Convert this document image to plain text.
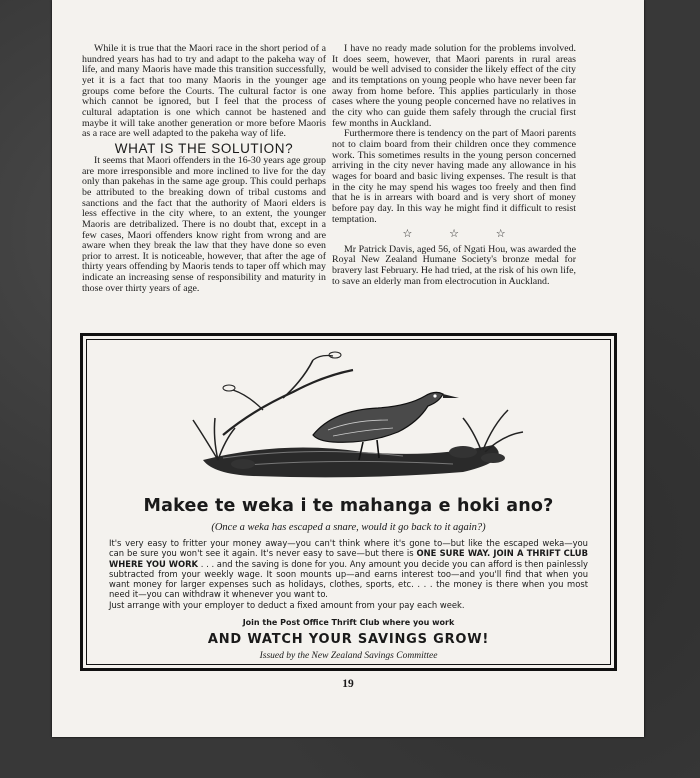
While it is true that the Maori race in the short period of a hundred years has had to try and adapt to the pakeha way of life, and many Maoris have made this transition successfully, yet it is a fact that too many Maoris in the younger age groups come before the Courts. The cultural factor is one which cannot be ignored, but I feel that the process of cultural adaptation is one which cannot be hastened and maybe it will take another generation or more before Maoris as a race are well adapted to the pakeha way of life.

WHAT IS THE SOLUTION?

It seems that Maori offenders in the 16-30 years age group are more irresponsible and more inclined to live for the day only than pakehas in the same age group. This could perhaps be attributed to the breaking down of tribal customs and sanctions and the fact that the authority of Maori elders is less effective in the city where, to an extent, the younger Maoris are detribalized. There is no doubt that, except in a few cases, Maori offenders know right from wrong and are aware when they break the law that they have done so even prior to arrest. It is noticeable, however, that after the age of thirty years offending by Maoris tends to taper off which may indicate an increasing sense of responsibility and maturity in those over thirty years of age.

I have no ready made solution for the problems involved. It does seem, however, that Maori parents in rural areas would be well advised to consider the likely effect of the city and its temptations on young people who have never been far away from home before. This applies particularly in those cases where the young people concerned have no relatives in the city who can guide them safely through the crucial first few months in Auckland.

Furthermore there is tendency on the part of Maori parents not to claim board from their children once they commence work. This sometimes results in the young person concerned arriving in the city never having made any allowance in his wages for board and basic living expenses. The result is that in the city he may spend his wages too freely and then find that he is in arrears with board and is very short of money before pay day. In this way he might find it difficult to resist temptation.

☆	☆	☆

Mr Patrick Davis, aged 56, of Ngati Hou, was awarded the Royal New Zealand Humane Society's bronze medal for bravery last February. He had tried, at the risk of his own life, to save an elderly man from electrocution in Auckland.

Makee te weka i te mahanga e hoki ano?
(Once a weka has escaped a snare, would it go back to it again?)

It's very easy to fritter your money away—you can't think where it's gone to—but like the escaped weka—you can be sure you won't see it again. It's never easy to save—but there is ONE SURE WAY. JOIN A THRIFT CLUB WHERE YOU WORK . . . and the saving is done for you. Any amount you decide you can afford is then painlessly subtracted from your weekly wage. It soon mounts up—and earns interest too—and you'll find that when you want money for larger expenses such as holidays, clothes, sports, etc. . . . the money is there when you most need it—you can withdraw it whenever you want to.

Just arrange with your employer to deduct a fixed amount from your pay each week.

Join the Post Office Thrift Club where you work
AND WATCH YOUR SAVINGS GROW!
Issued by the New Zealand Savings Committee
19
